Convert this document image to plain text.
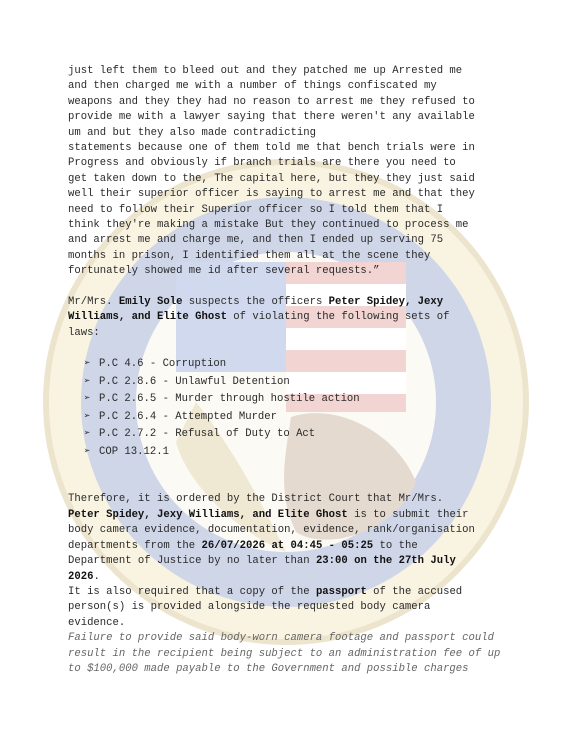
just left them to bleed out and they patched me up Arrested me
and then charged me with a number of things confiscated my
weapons and they they had no reason to arrest me they refused to
provide me with a lawyer saying that there weren't any available
um and but they also made contradicting
statements because one of them told me that bench trials were in
Progress and obviously if branch trials are there you need to
get taken down to the, The capital here, but they they just said
well their superior officer is saying to arrest me and that they
need to follow their Superior officer so I told them that I
think they're making a mistake But they continued to process me
and arrest me and charge me, and then I ended up serving 75
months in prison, I identified them all at the scene they
fortunately showed me id after several requests.”
Mr/Mrs. Emily Sole suspects the officers Peter Spidey, Jexy
Williams, and Elite Ghost of violating the following sets of
laws:
➢ P.C 4.6 - Corruption
➢ P.C 2.8.6 - Unlawful Detention
➢ P.C 2.6.5 - Murder through hostile action
➢ P.C 2.6.4 - Attempted Murder
➢ P.C 2.7.2 - Refusal of Duty to Act
➢ COP 13.12.1
Therefore, it is ordered by the District Court that Mr/Mrs.
Peter Spidey, Jexy Williams, and Elite Ghost is to submit their
body camera evidence, documentation, evidence, rank/organisation
departments from the 26/07/2026 at 04:45 - 05:25 to the
Department of Justice by no later than 23:00 on the 27th July
2026.
It is also required that a copy of the passport of the accused
person(s) is provided alongside the requested body camera
evidence.
Failure to provide said body-worn camera footage and passport could
result in the recipient being subject to an administration fee of up
to $100,000 made payable to the Government and possible charges
